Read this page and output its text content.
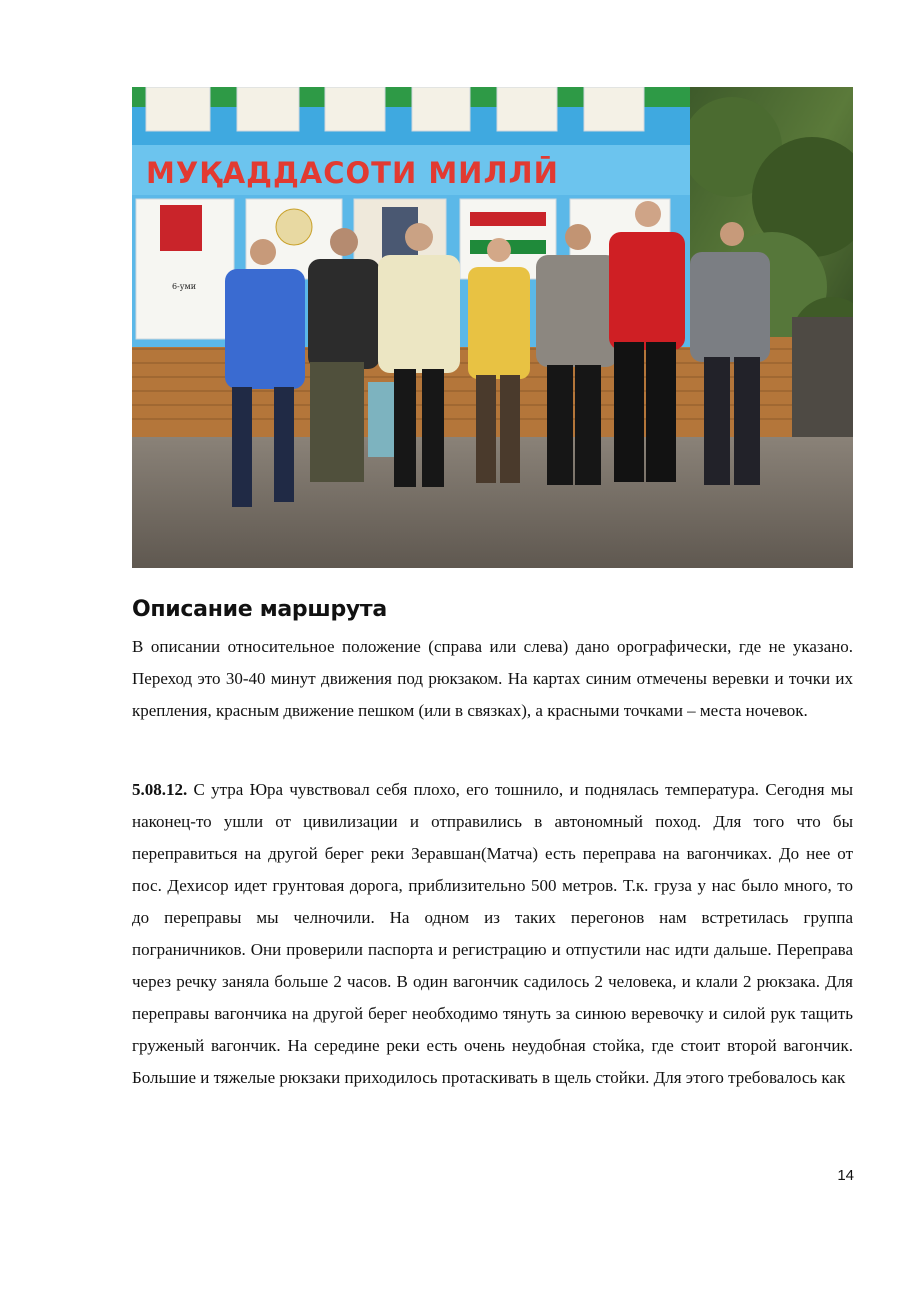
МУҚАДДАСОТИ МИЛЛӢ
6-уми
Описание маршрута

В описании относительное положение (справа или слева) дано орографически, где не указано. Переход это 30-40 минут движения под рюкзаком. На картах синим отмечены веревки и точки их крепления, красным движение пешком (или в связках), а красными точками – места ночевок.

5.08.12. С утра Юра чувствовал себя плохо, его тошнило, и поднялась температура. Сегодня мы наконец-то ушли от цивилизации и отправились в автономный поход. Для того что бы переправиться на другой берег реки Зеравшан(Матча) есть переправа на вагончиках. До нее от пос. Дехисор идет грунтовая дорога, приблизительно 500 метров. Т.к. груза у нас было много, то до переправы мы челночили. На одном из таких перегонов нам встретилась группа пограничников. Они проверили паспорта и регистрацию и отпустили нас идти дальше. Переправа через речку заняла больше 2 часов. В один вагончик садилось 2 человека, и клали 2 рюкзака. Для переправы вагончика на другой берег необходимо тянуть за синюю веревочку и силой рук тащить груженый вагончик. На середине реки есть очень неудобная стойка, где стоит второй вагончик. Большие и тяжелые рюкзаки приходилось протаскивать в щель стойки. Для этого требовалось как

14
